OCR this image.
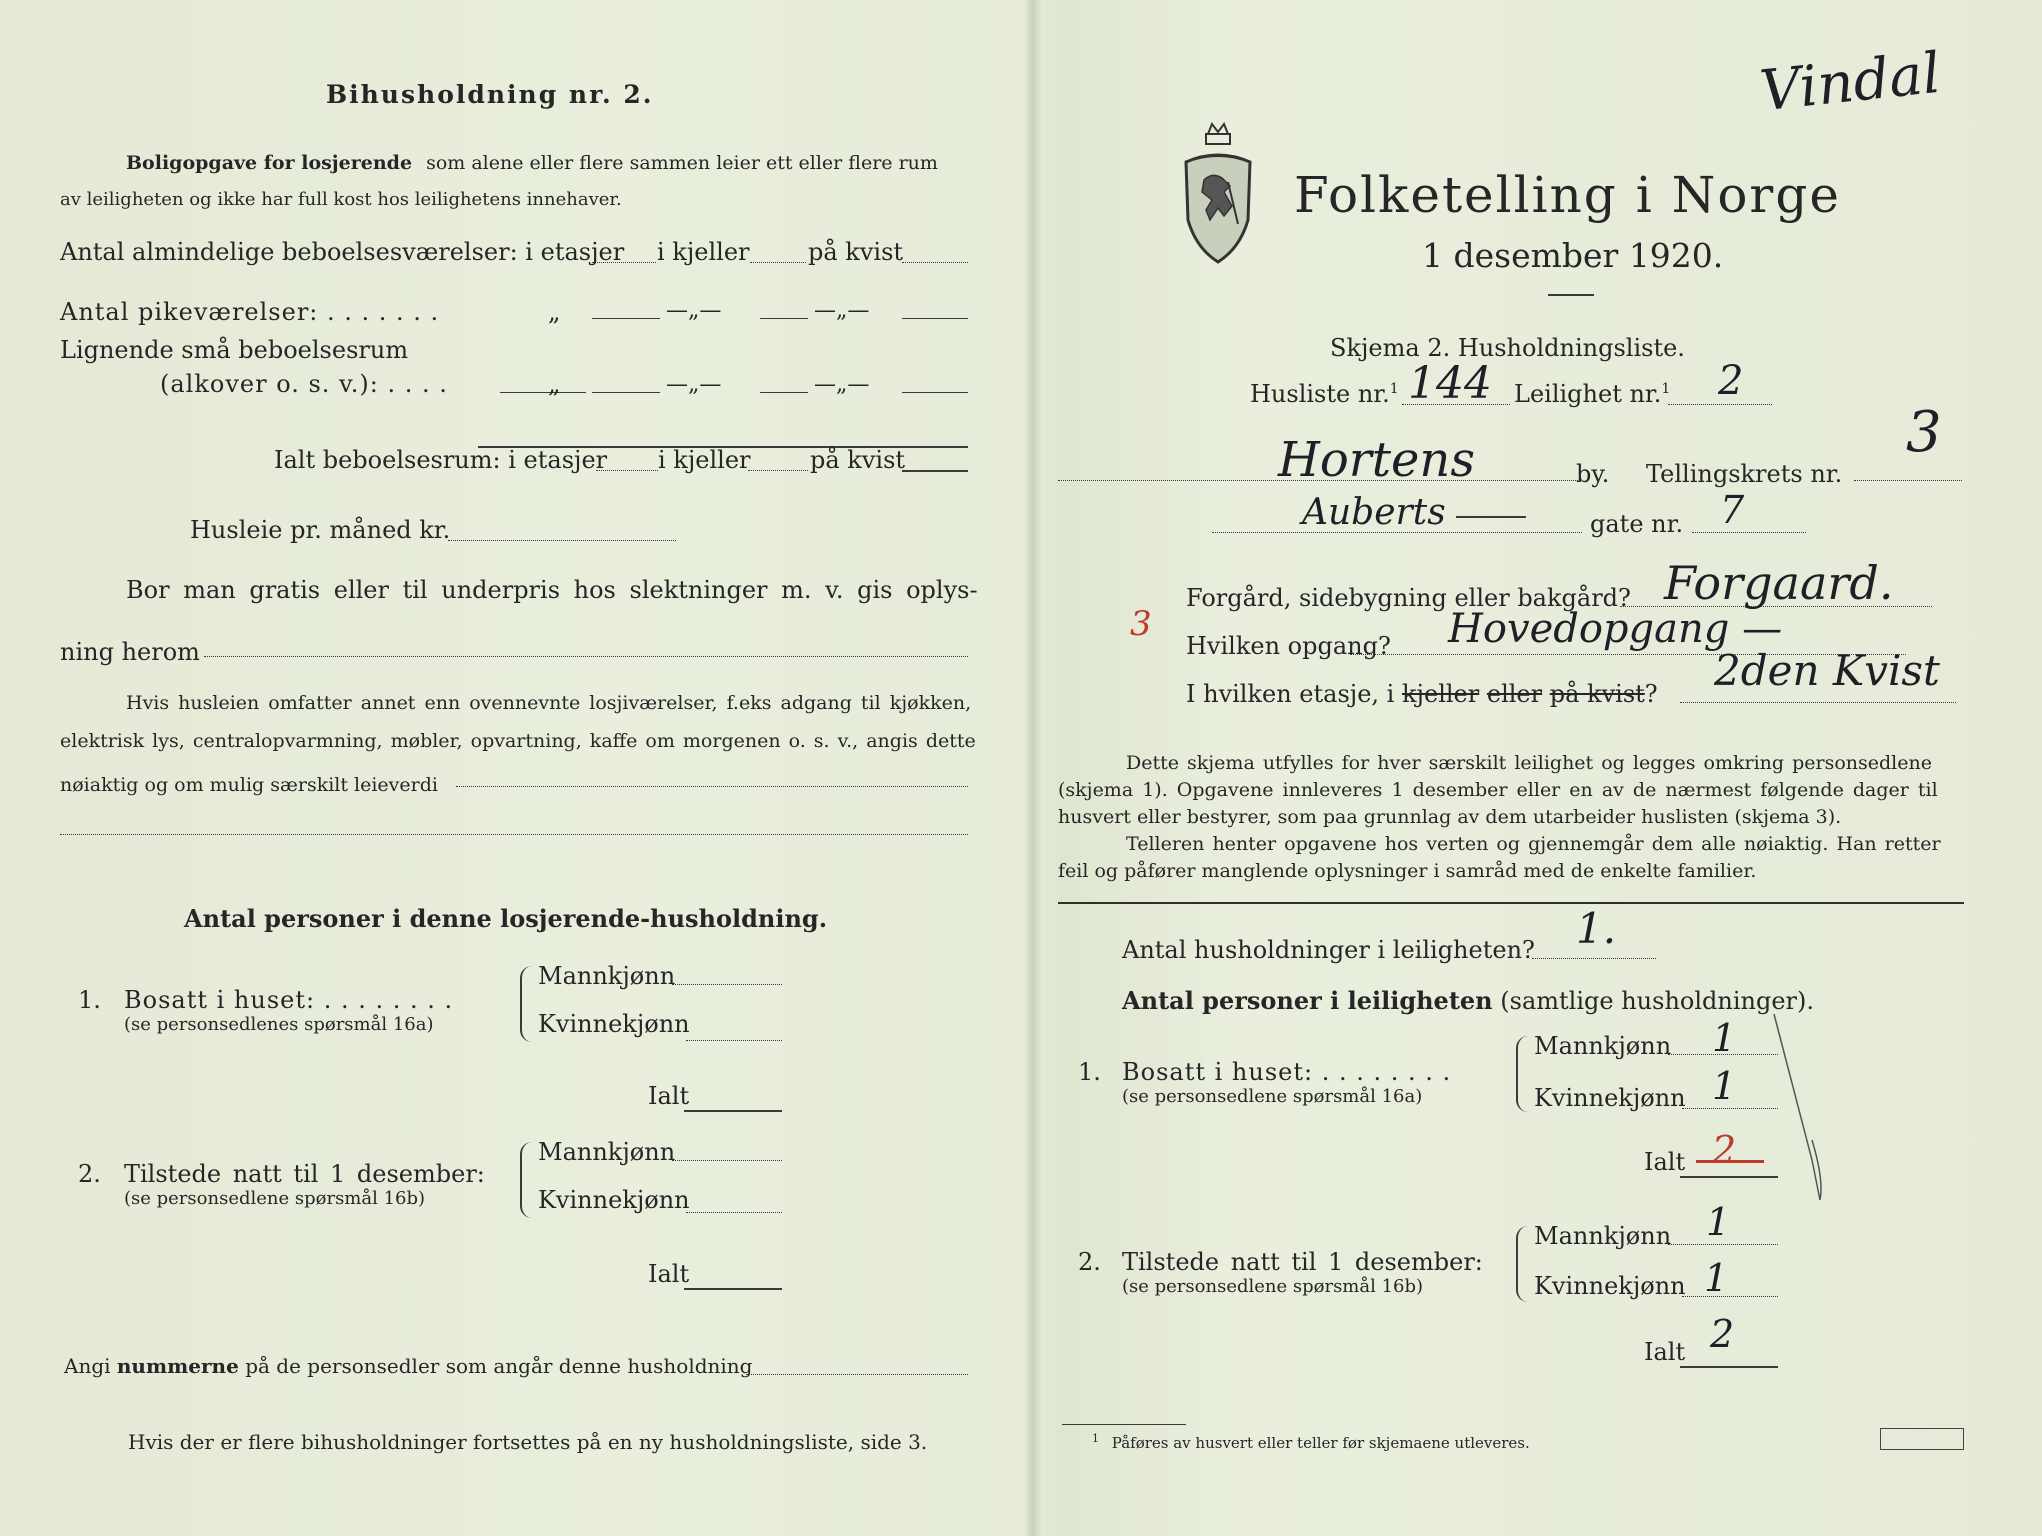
Bihusholdning nr. 2.
Boligopgave for losjerende som alene eller flere sammen leier ett eller flere rum
av leiligheten og ikke har full kost hos leilighetens innehaver.
Antal almindelige beboelsesværelser: i etasjer i kjeller på kvist
Antal pikeværelser: . . . . . . .	„	—„—	—„—
Lignende små beboelsesrum
(alkover o. s. v.): . . . .	„	—„—	—„—
Ialt beboelsesrum: i etasjer i kjeller på kvist
Husleie pr. måned kr.
Bor man gratis eller til underpris hos slektninger m. v. gis oplys-
ning herom
Hvis husleien omfatter annet enn ovennevnte losjiværelser, f.eks adgang til kjøkken,
elektrisk lys, centralopvarmning, møbler, opvartning, kaffe om morgenen o. s. v., angis dette
nøiaktig og om mulig særskilt leieverdi
Antal personer i denne losjerende-husholdning.
1. Bosatt i huset: . . . . . . . .
(se personsedlenes spørsmål 16a)
Mannkjønn
Kvinnekjønn
Ialt
2. Tilstede natt til 1 desember:
(se personsedlene spørsmål 16b)
Mannkjønn
Kvinnekjønn
Ialt
Angi nummerne på de personsedler som angår denne husholdning
Hvis der er flere bihusholdninger fortsettes på en ny husholdningsliste, side 3.
Vindal
Folketelling i Norge
1 desember 1920.
Skjema 2. Husholdningsliste.
Husliste nr.$^1$ 144 Leilighet nr.$^1$ 2
Hortens	by. Tellingskrets nr.
3
Auberts	gate nr. 7
Forgård, sidebygning eller bakgård? Forgaard.
3
Hvilken opgang? Hovedopgang —
I hvilken etasje, i kjeller eller på kvist? 2den Kvist
Dette skjema utfylles for hver særskilt leilighet og legges omkring personsedlene
(skjema 1). Opgavene innleveres 1 desember eller en av de nærmest følgende dager til
husvert eller bestyrer, som paa grunnlag av dem utarbeider huslisten (skjema 3).
Telleren henter opgavene hos verten og gjennemgår dem alle nøiaktig. Han retter
feil og påfører manglende oplysninger i samråd med de enkelte familier.
Antal husholdninger i leiligheten? 1.
Antal personer i leiligheten (samtlige husholdninger).
1. Bosatt i huset: . . . . . . . .
(se personsedlene spørsmål 16a)
Mannkjønn 1
Kvinnekjønn 1
Ialt 2
2. Tilstede natt til 1 desember:
(se personsedlene spørsmål 16b)
Mannkjønn 1
Kvinnekjønn 1
Ialt 2
$^1$ Påføres av husvert eller teller før skjemaene utleveres.
